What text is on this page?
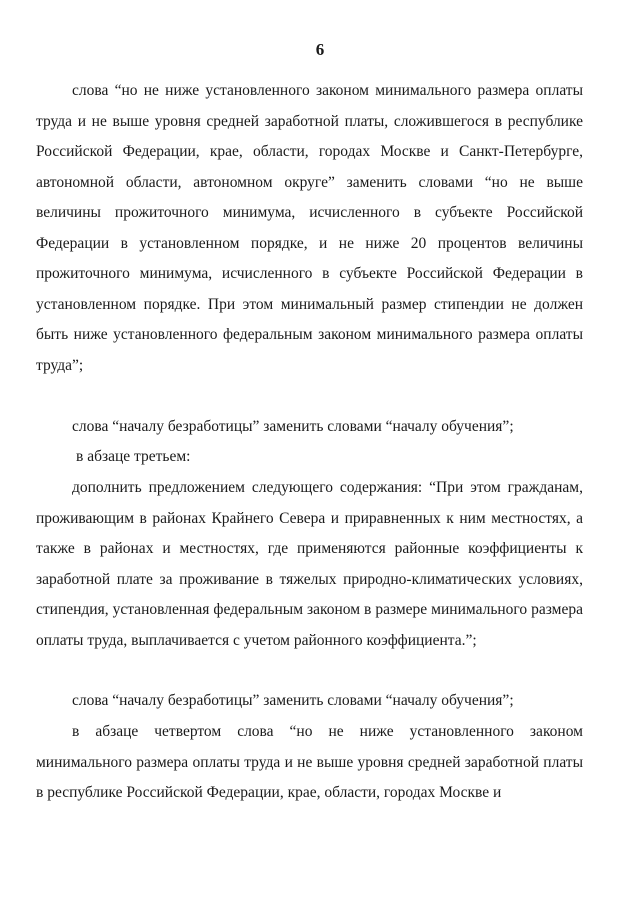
6

слова “но не ниже установленного законом минимального размера оплаты труда и не выше уровня средней заработной платы, сложившегося в республике Российской Федерации, крае, области, городах Москве и Санкт-Петербурге, автономной области, автономном округе” заменить словами “но не выше величины прожиточного минимума, исчисленного в субъекте Российской Федерации в установленном порядке, и не ниже 20 процентов величины прожиточного минимума, исчисленного в субъекте Российской Федерации в установленном порядке. При этом минимальный размер стипендии не должен быть ниже установленного федеральным законом минимального размера оплаты труда”;

слова “началу безработицы” заменить словами “началу обучения”;

в абзаце третьем:

дополнить предложением следующего содержания: “При этом гражданам, проживающим в районах Крайнего Севера и приравненных к ним местностях, а также в районах и местностях, где применяются районные коэффициенты к заработной плате за проживание в тяжелых природно-климатических условиях, стипендия, установленная федеральным законом в размере минимального размера оплаты труда, выплачивается с учетом районного коэффициента.”;

слова “началу безработицы” заменить словами “началу обучения”;

в абзаце четвертом слова “но не ниже установленного законом минимального размера оплаты труда и не выше уровня средней заработной платы в республике Российской Федерации, крае, области, городах Москве и
